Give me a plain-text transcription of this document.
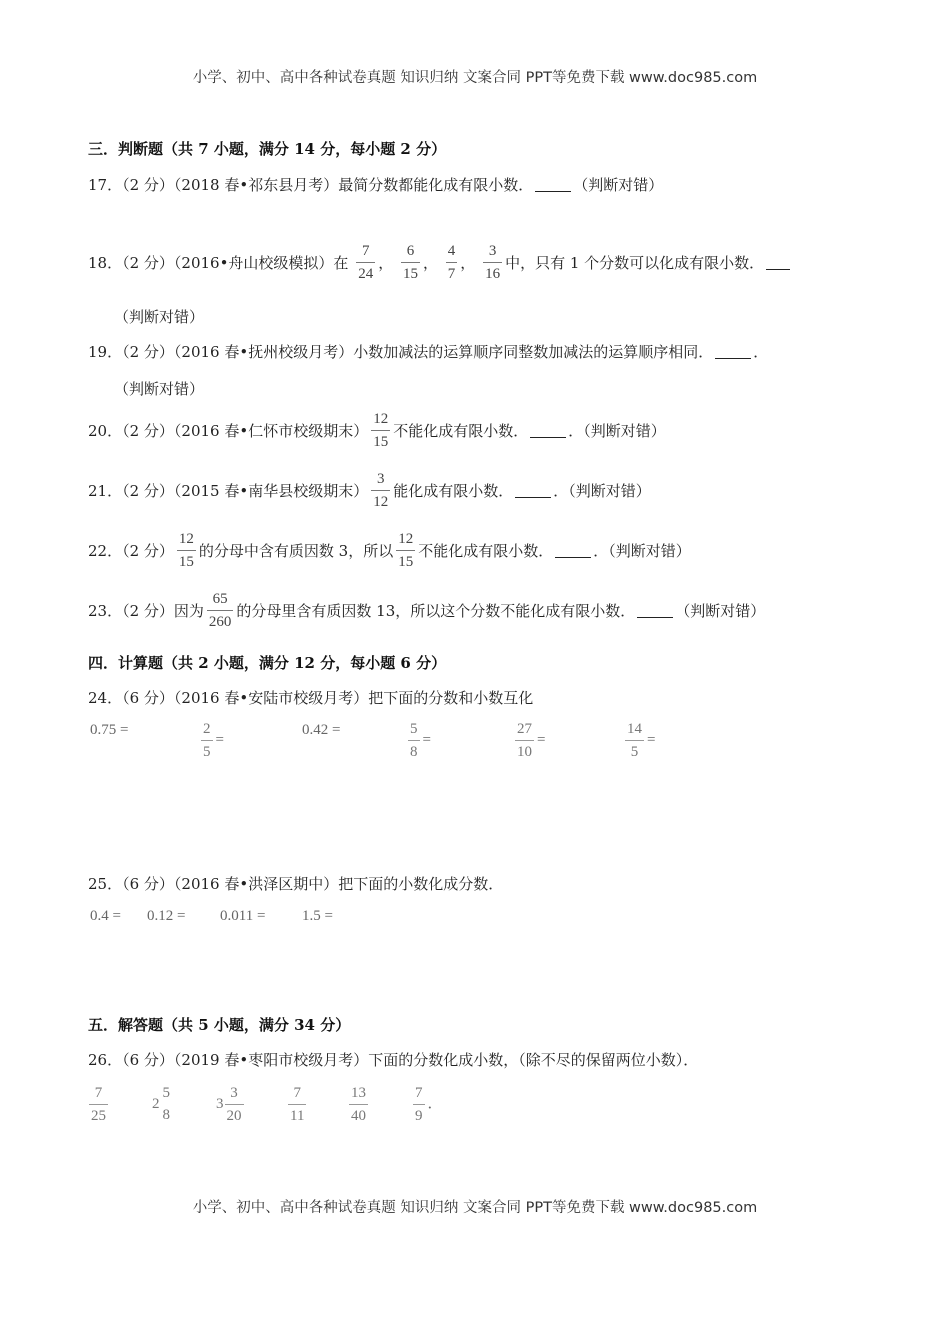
小学、初中、高中各种试卷真题 知识归纳 文案合同 PPT等免费下载 www.doc985.com
三．判断题（共 7 小题，满分 14 分，每小题 2 分）
17．（2 分）（2018 春•祁东县月考）最简分数都能化成有限小数．	（判断对错）
18．（2 分）（2016•舟山校级模拟）在 $\frac{7}{24}$ ， $\frac{6}{15}$ ， $\frac{4}{7}$ ， $\frac{3}{16}$ 中，只有 1 个分数可以化成有限小数．
（判断对错）
19．（2 分）（2016 春•抚州校级月考）小数加减法的运算顺序同整数加减法的运算顺序相同．	．
（判断对错）
20．（2 分）（2016 春•仁怀市校级期末） $\frac{12}{15}$ 不能化成有限小数．	．（判断对错）
21．（2 分）（2015 春•南华县校级期末） $\frac{3}{12}$ 能化成有限小数．	．（判断对错）
22．（2 分） $\frac{12}{15}$ 的分母中含有质因数 3，所以 $\frac{12}{15}$ 不能化成有限小数．	．（判断对错）
23．（2 分）因为 $\frac{65}{260}$ 的分母里含有质因数 13，所以这个分数不能化成有限小数．	（判断对错）
四．计算题（共 2 小题，满分 12 分，每小题 6 分）
24．（6 分）（2016 春•安陆市校级月考）把下面的分数和小数互化
0.75 =	$\frac{2}{5}$ =
0.42 =	$\frac{5}{8}$ =	$\frac{27}{10}$ =	$\frac{14}{5}$ =
25．（6 分）（2016 春•洪泽区期中）把下面的小数化成分数．
0.4 = 0.12 = 0.011 = 1.5 =
五．解答题（共 5 小题，满分 34 分）
26．（6 分）（2019 春•枣阳市校级月考）下面的分数化成小数，（除不尽的保留两位小数）．
$\frac{7}{25}$	2
5
8
$3 \frac{3}{20}$	$\frac{7}{11}$	$\frac{13}{40}$	$\frac{7}{9}$ ．
小学、初中、高中各种试卷真题 知识归纳 文案合同 PPT等免费下载 www.doc985.com
